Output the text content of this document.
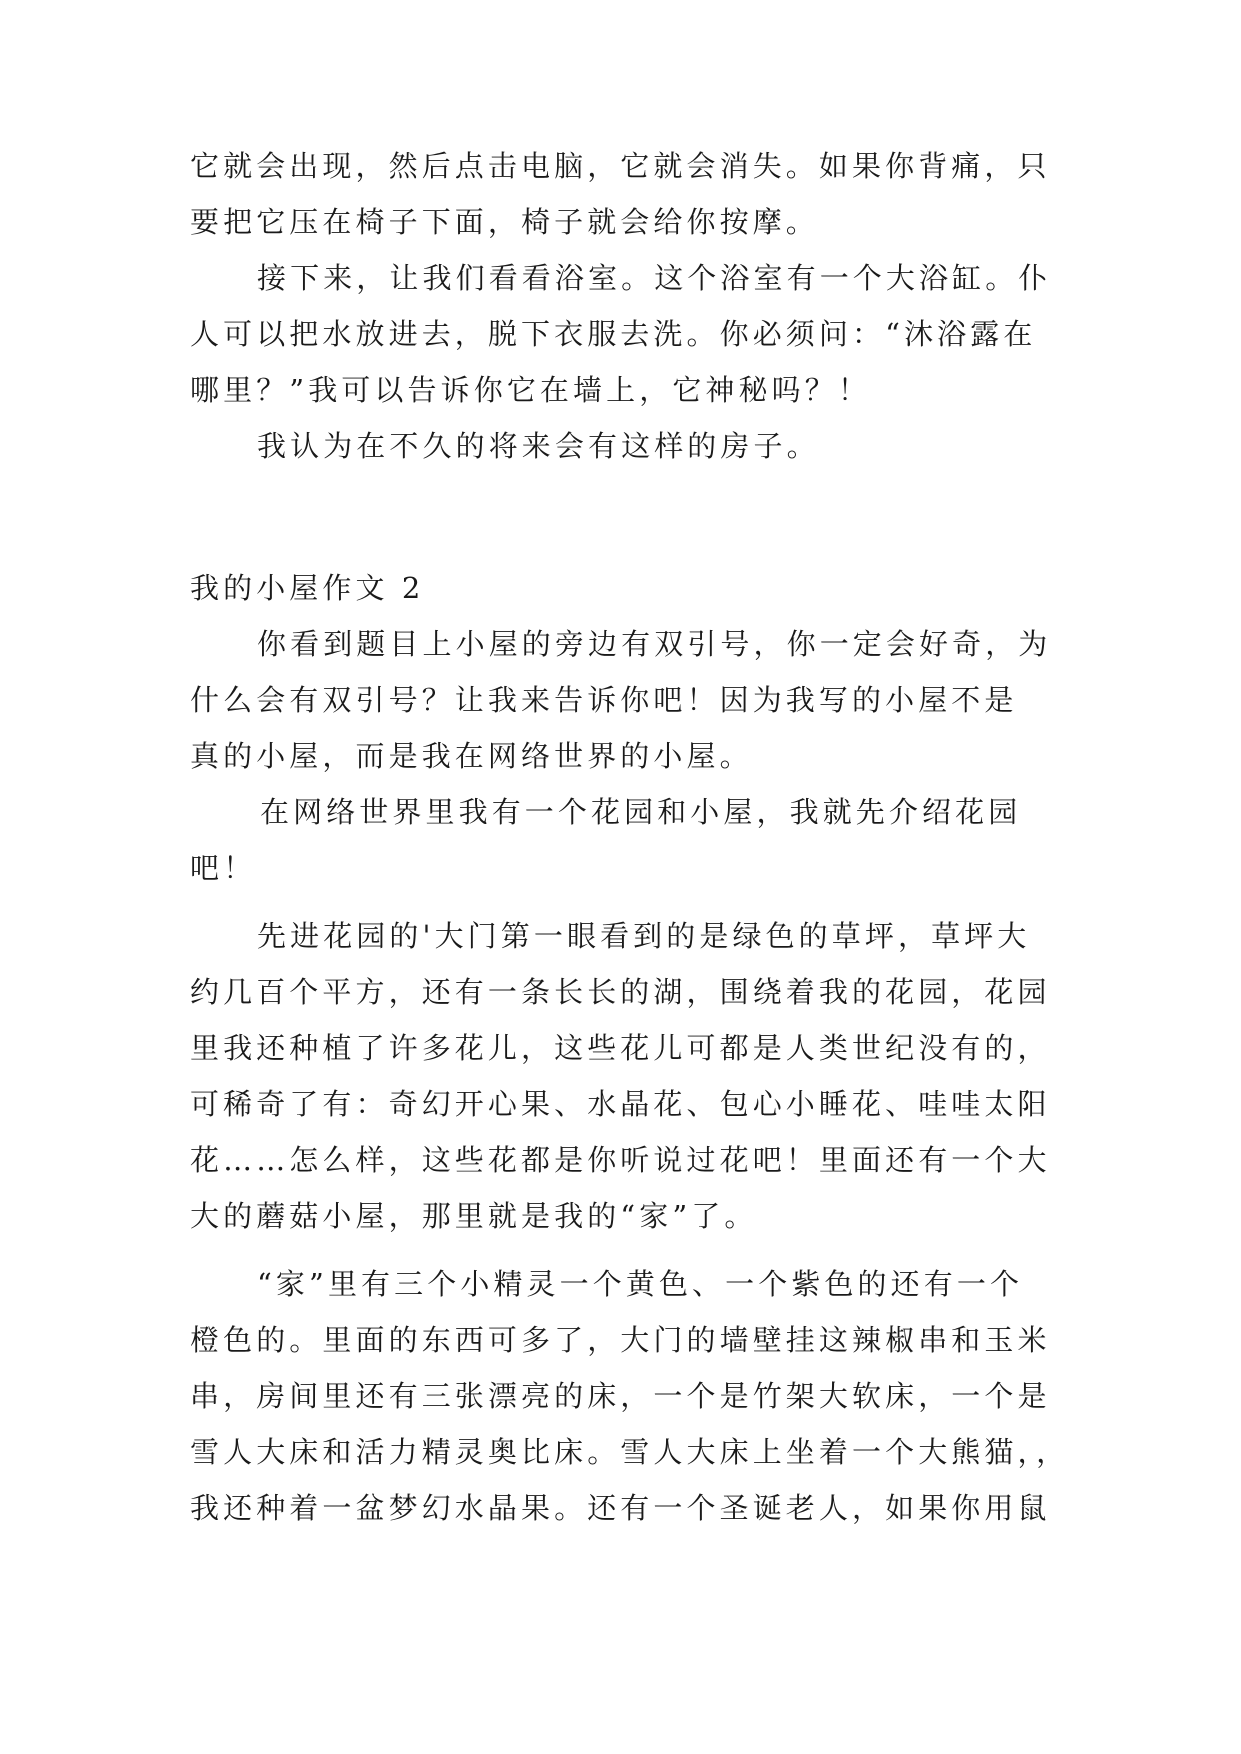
它就会出现，然后点击电脑，它就会消失。如果你背痛，只
要把它压在椅子下面，椅子就会给你按摩。
接下来，让我们看看浴室。这个浴室有一个大浴缸。仆
人可以把水放进去，脱下衣服去洗。你必须问：“沐浴露在
哪里？”我可以告诉你它在墙上，它神秘吗？！
我认为在不久的将来会有这样的房子。
我的小屋作文 2
你看到题目上小屋的旁边有双引号，你一定会好奇，为
什么会有双引号？让我来告诉你吧！因为我写的小屋不是
真的小屋，而是我在网络世界的小屋。
在网络世界里我有一个花园和小屋，我就先介绍花园
吧！
先进花园的'大门第一眼看到的是绿色的草坪，草坪大
约几百个平方，还有一条长长的湖，围绕着我的花园，花园
里我还种植了许多花儿，这些花儿可都是人类世纪没有的，
可稀奇了有：奇幻开心果、水晶花、包心小睡花、哇哇太阳
花……怎么样，这些花都是你听说过花吧！里面还有一个大
大的蘑菇小屋，那里就是我的“家”了。
“家”里有三个小精灵一个黄色、一个紫色的还有一个
橙色的。里面的东西可多了，大门的墙壁挂这辣椒串和玉米
串，房间里还有三张漂亮的床，一个是竹架大软床，一个是
雪人大床和活力精灵奥比床。雪人大床上坐着一个大熊猫，，
我还种着一盆梦幻水晶果。还有一个圣诞老人，如果你用鼠
